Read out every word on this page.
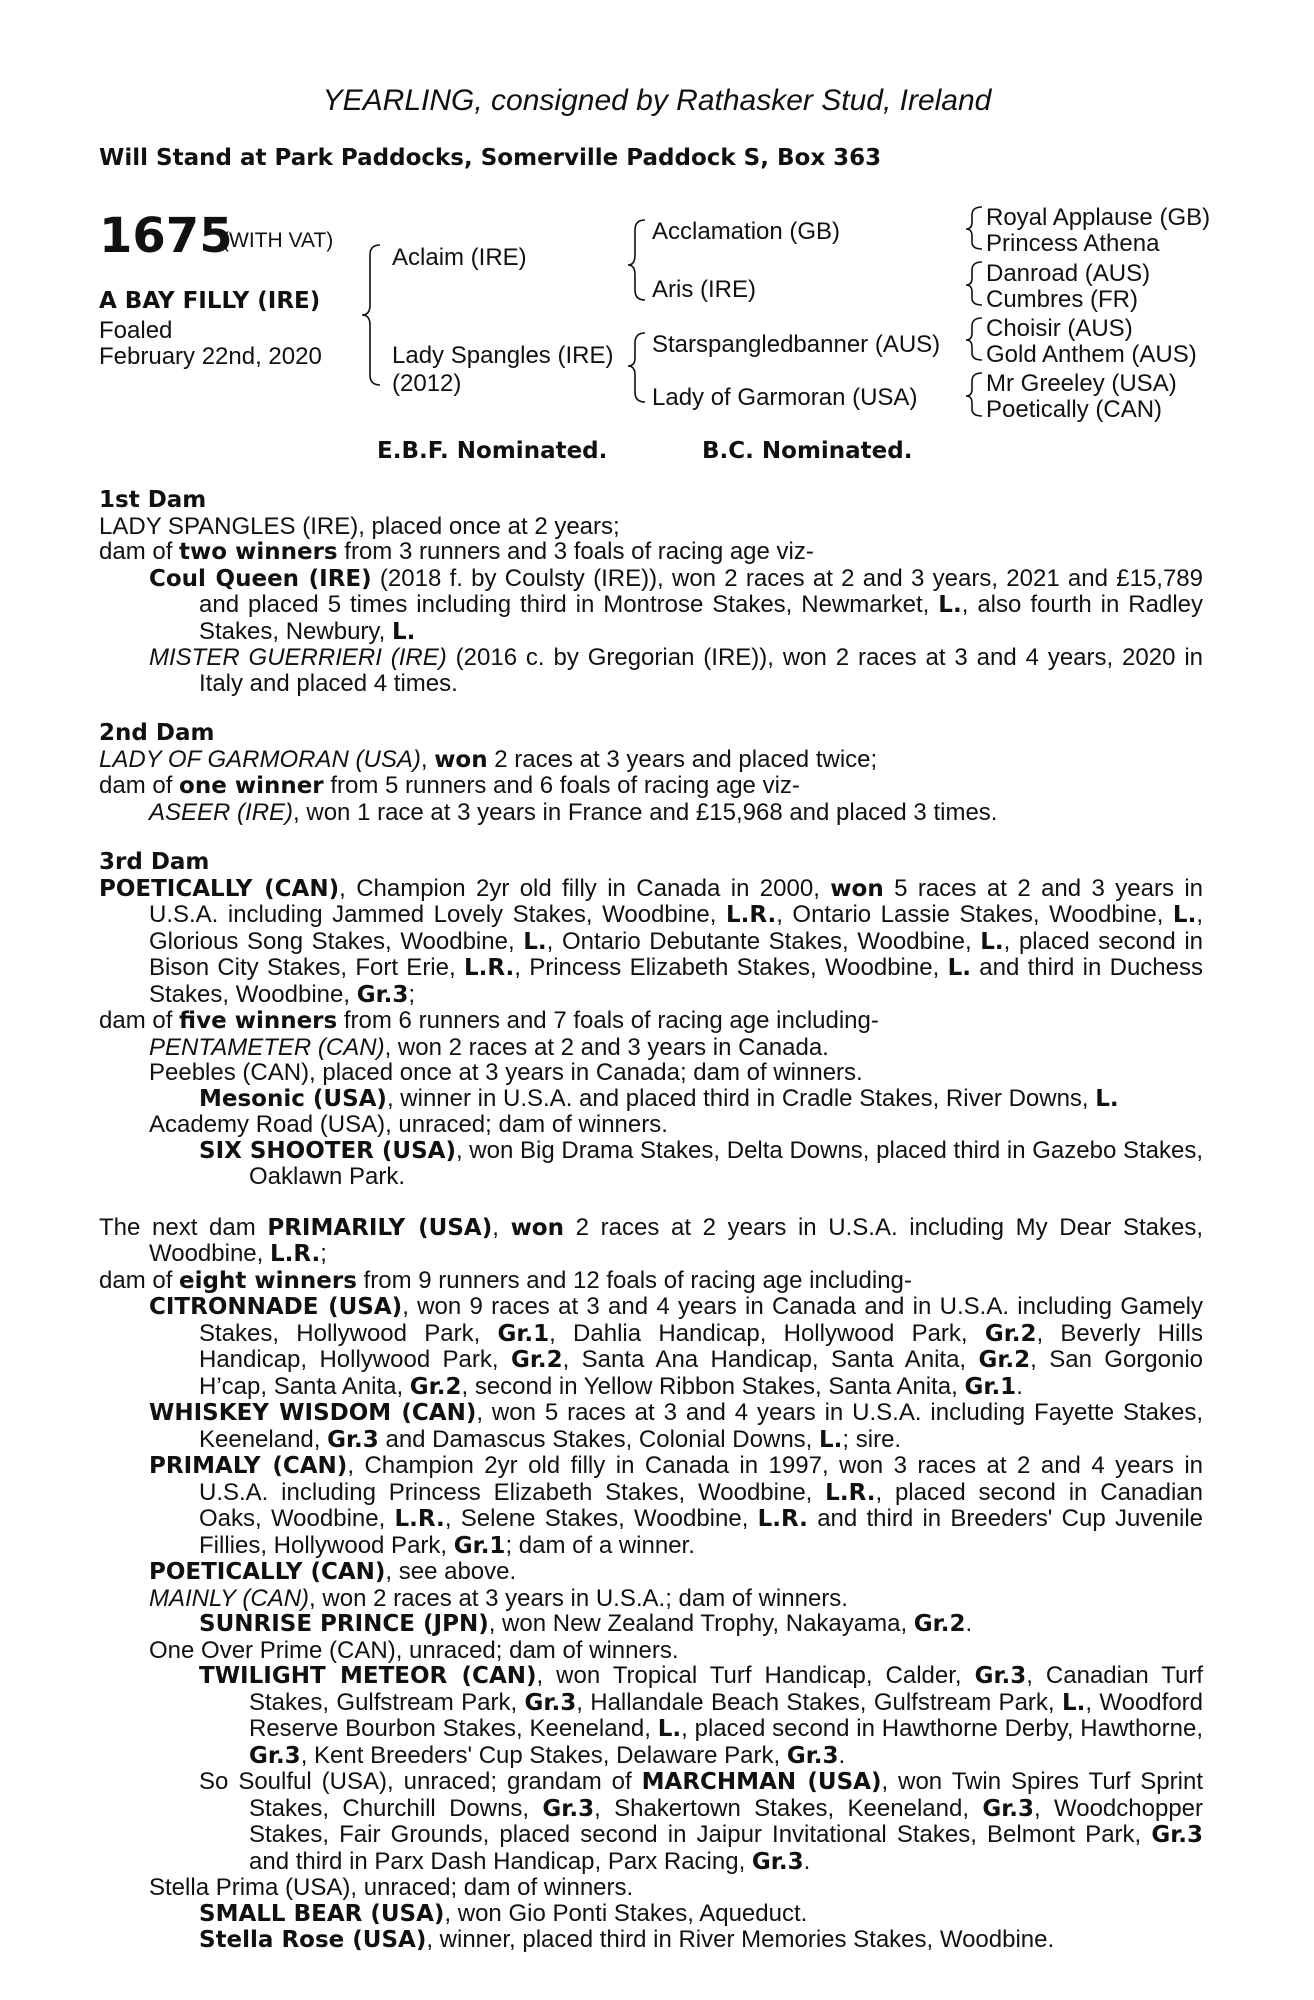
YEARLING, consigned by Rathasker Stud, Ireland
Will Stand at Park Paddocks, Somerville Paddock S, Box 363
1675
(WITH VAT)
A BAY FILLY (IRE)
Foaled
February 22nd, 2020
Aclaim (IRE)
Lady Spangles (IRE)
(2012)
Acclamation (GB)
Aris (IRE)
Starspangledbanner (AUS)
Lady of Garmoran (USA)
Royal Applause (GB)
Princess Athena
Danroad (AUS)
Cumbres (FR)
Choisir (AUS)
Gold Anthem (AUS)
Mr Greeley (USA)
Poetically (CAN)
E.B.F. Nominated.	B.C. Nominated.

1st Dam

LADY SPANGLES (IRE), placed once at 2 years;

dam of two winners from 3 runners and 3 foals of racing age viz-

Coul Queen (IRE) (2018 f. by Coulsty (IRE)), won 2 races at 2 and 3 years, 2021 and £15,789 and placed 5 times including third in Montrose Stakes, Newmarket, L., also fourth in Radley Stakes, Newbury, L.

MISTER GUERRIERI (IRE) (2016 c. by Gregorian (IRE)), won 2 races at 3 and 4 years, 2020 in Italy and placed 4 times.

2nd Dam

LADY OF GARMORAN (USA), won 2 races at 3 years and placed twice;

dam of one winner from 5 runners and 6 foals of racing age viz-

ASEER (IRE), won 1 race at 3 years in France and £15,968 and placed 3 times.

3rd Dam

POETICALLY (CAN), Champion 2yr old filly in Canada in 2000, won 5 races at 2 and 3 years in U.S.A. including Jammed Lovely Stakes, Woodbine, L.R., Ontario Lassie Stakes, Woodbine, L., Glorious Song Stakes, Woodbine, L., Ontario Debutante Stakes, Woodbine, L., placed second in Bison City Stakes, Fort Erie, L.R., Princess Elizabeth Stakes, Woodbine, L. and third in Duchess Stakes, Woodbine, Gr.3;

dam of five winners from 6 runners and 7 foals of racing age including-

PENTAMETER (CAN), won 2 races at 2 and 3 years in Canada.

Peebles (CAN), placed once at 3 years in Canada; dam of winners.

Mesonic (USA), winner in U.S.A. and placed third in Cradle Stakes, River Downs, L.

Academy Road (USA), unraced; dam of winners.

SIX SHOOTER (USA), won Big Drama Stakes, Delta Downs, placed third in Gazebo Stakes, Oaklawn Park.

The next dam PRIMARILY (USA), won 2 races at 2 years in U.S.A. including My Dear Stakes, Woodbine, L.R.;

dam of eight winners from 9 runners and 12 foals of racing age including-

CITRONNADE (USA), won 9 races at 3 and 4 years in Canada and in U.S.A. including Gamely Stakes, Hollywood Park, Gr.1, Dahlia Handicap, Hollywood Park, Gr.2, Beverly Hills Handicap, Hollywood Park, Gr.2, Santa Ana Handicap, Santa Anita, Gr.2, San Gorgonio H’cap, Santa Anita, Gr.2, second in Yellow Ribbon Stakes, Santa Anita, Gr.1.

WHISKEY WISDOM (CAN), won 5 races at 3 and 4 years in U.S.A. including Fayette Stakes, Keeneland, Gr.3 and Damascus Stakes, Colonial Downs, L.; sire.

PRIMALY (CAN), Champion 2yr old filly in Canada in 1997, won 3 races at 2 and 4 years in U.S.A. including Princess Elizabeth Stakes, Woodbine, L.R., placed second in Canadian Oaks, Woodbine, L.R., Selene Stakes, Woodbine, L.R. and third in Breeders' Cup Juvenile Fillies, Hollywood Park, Gr.1; dam of a winner.

POETICALLY (CAN), see above.

MAINLY (CAN), won 2 races at 3 years in U.S.A.; dam of winners.

SUNRISE PRINCE (JPN), won New Zealand Trophy, Nakayama, Gr.2.

One Over Prime (CAN), unraced; dam of winners.

TWILIGHT METEOR (CAN), won Tropical Turf Handicap, Calder, Gr.3, Canadian Turf Stakes, Gulfstream Park, Gr.3, Hallandale Beach Stakes, Gulfstream Park, L., Woodford Reserve Bourbon Stakes, Keeneland, L., placed second in Hawthorne Derby, Hawthorne, Gr.3, Kent Breeders' Cup Stakes, Delaware Park, Gr.3.

So Soulful (USA), unraced; grandam of MARCHMAN (USA), won Twin Spires Turf Sprint Stakes, Churchill Downs, Gr.3, Shakertown Stakes, Keeneland, Gr.3, Woodchopper Stakes, Fair Grounds, placed second in Jaipur Invitational Stakes, Belmont Park, Gr.3 and third in Parx Dash Handicap, Parx Racing, Gr.3.

Stella Prima (USA), unraced; dam of winners.

SMALL BEAR (USA), won Gio Ponti Stakes, Aqueduct.

Stella Rose (USA), winner, placed third in River Memories Stakes, Woodbine.
